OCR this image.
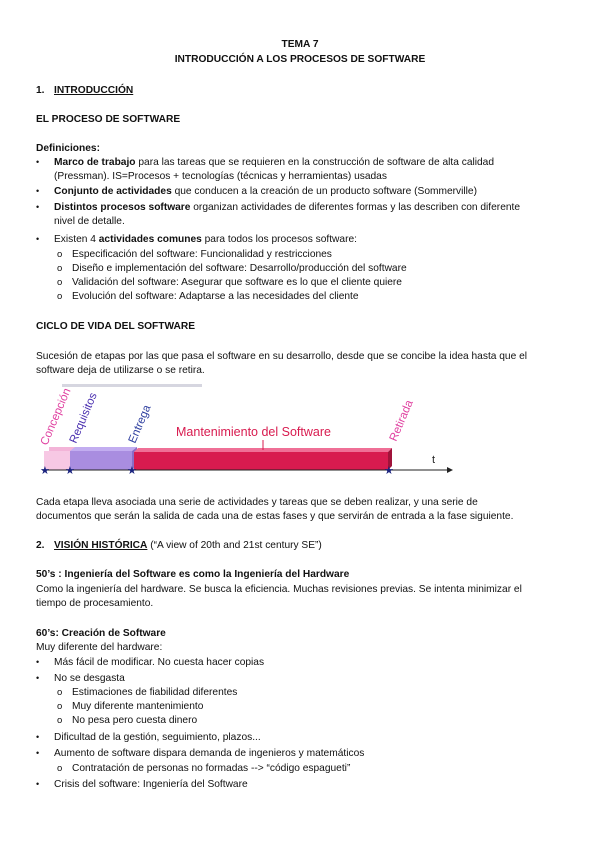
TEMA 7
INTRODUCCIÓN A LOS PROCESOS DE SOFTWARE
1. INTRODUCCIÓN
EL PROCESO DE SOFTWARE
Definiciones:
• Marco de trabajo para las tareas que se requieren en la construcción de software de alta calidad
(Pressman). IS=Procesos + tecnologías (técnicas y herramientas) usadas
• Conjunto de actividades que conducen a la creación de un producto software (Sommerville)
• Distintos procesos software organizan actividades de diferentes formas y las describen con diferente
nivel de detalle.
• Existen 4 actividades comunes para todos los procesos software:
o Especificación del software: Funcionalidad y restricciones
o Diseño e implementación del software: Desarrollo/producción del software
o Validación del software: Asegurar que software es lo que el cliente quiere
o Evolución del software: Adaptarse a las necesidades del cliente
CICLO DE VIDA DEL SOFTWARE
Sucesión de etapas por las que pasa el software en su desarrollo, desde que se concibe la idea hasta que el
software deja de utilizarse o se retira.
t
★ ★	★	★
Concepción
Requisitos Entrega	Retirada
Mantenimiento del Software
Cada etapa lleva asociada una serie de actividades y tareas que se deben realizar, y una serie de
documentos que serán la salida de cada una de estas fases y que servirán de entrada a la fase siguiente.
2. VISIÓN HISTÓRICA (“A view of 20th and 21st century SE”)
50’s : Ingeniería del Software es como la Ingeniería del Hardware
Como la ingeniería del hardware. Se busca la eficiencia. Muchas revisiones previas. Se intenta minimizar el
tiempo de procesamiento.
60’s: Creación de Software
Muy diferente del hardware:
• Más fácil de modificar. No cuesta hacer copias
• No se desgasta
o Estimaciones de fiabilidad diferentes
o Muy diferente mantenimiento
o No pesa pero cuesta dinero
• Dificultad de la gestión, seguimiento, plazos...
• Aumento de software dispara demanda de ingenieros y matemáticos
o Contratación de personas no formadas --> “código espagueti”
• Crisis del software: Ingeniería del Software
